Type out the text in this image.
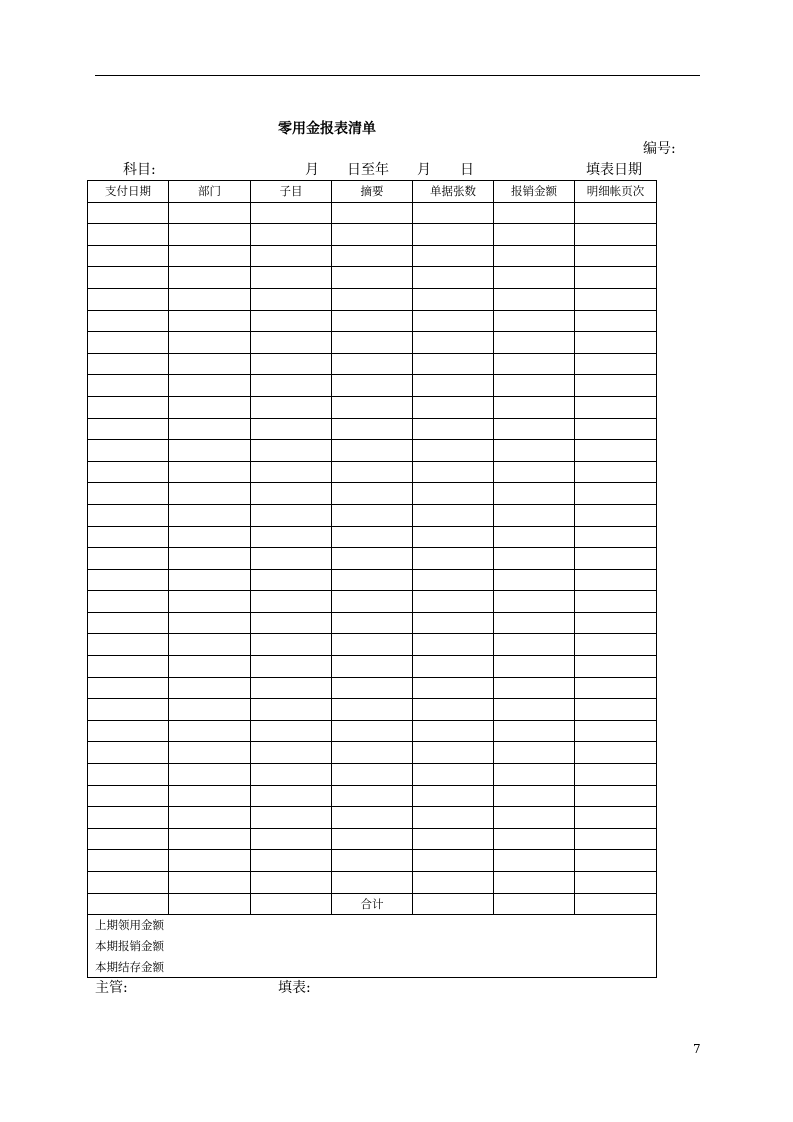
零用金报表清单
编号:
科目:	月 日至年 月 日	填表日期
支付日期	部门	子目	摘要	单据张数	报销金额	明细帐页次

			合计			
上期领用金额						
本期报销金额						
本期结存金额						
主管:	填表:
7
